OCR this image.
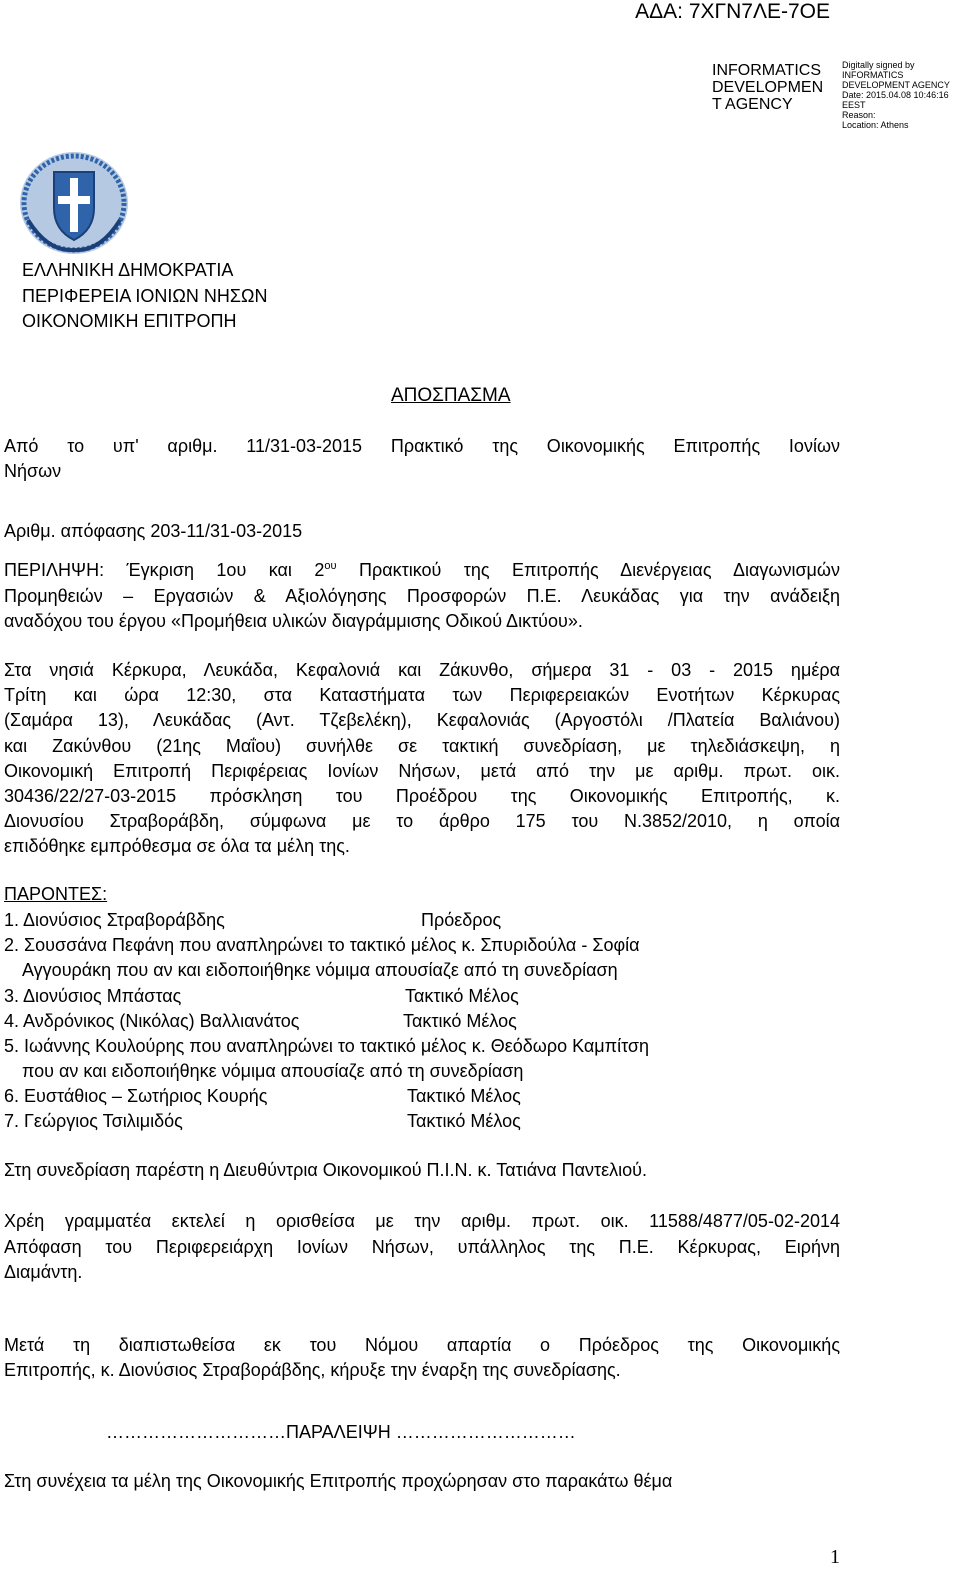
ΑΔΑ: 7ΧΓΝ7ΛΕ-7ΟΕ
INFORMATICS
DEVELOPMEN
T AGENCY
Digitally signed by
INFORMATICS
DEVELOPMENT AGENCY
Date: 2015.04.08 10:46:16
EEST
Reason:
Location: Athens
ΕΛΛΗΝΙΚΗ ΔΗΜΟΚΡΑΤΙΑ
ΠΕΡΙΦΕΡΕΙΑ ΙΟΝΙΩΝ ΝΗΣΩΝ
ΟΙΚΟΝΟΜΙΚΗ ΕΠΙΤΡΟΠΗ
ΑΠΟΣΠΑΣΜΑ
Από το υπ' αριθμ. 11/31-03-2015 Πρακτικό της Οικονομικής Επιτροπής Ιονίων
Νήσων
Αριθμ. απόφασης 203-11/31-03-2015
ΠΕΡΙΛΗΨΗ: Έγκριση 1ου και $2^{o\upsilon}$ Πρακτικού της Επιτροπής Διενέργειας Διαγωνισμών
Προμηθειών – Εργασιών & Αξιολόγησης Προσφορών Π.Ε. Λευκάδας για την ανάδειξη
αναδόχου του έργου «Προμήθεια υλικών διαγράμμισης Οδικού Δικτύου».
Στα νησιά Κέρκυρα, Λευκάδα, Κεφαλονιά και Ζάκυνθο, σήμερα 31 - 03 - 2015 ημέρα
Τρίτη και ώρα 12:30, στα Καταστήματα των Περιφερειακών Ενοτήτων Κέρκυρας
(Σαμάρα 13), Λευκάδας (Αντ. Τζεβελέκη), Κεφαλονιάς (Αργοστόλι /Πλατεία Βαλιάνου)
και Ζακύνθου (21ης Μαΐου) συνήλθε σε τακτική συνεδρίαση, με τηλεδιάσκεψη, η
Οικονομική Επιτροπή Περιφέρειας Ιονίων Νήσων, μετά από την με αριθμ. πρωτ. οικ.
30436/22/27-03-2015 πρόσκληση του Προέδρου της Οικονομικής Επιτροπής, κ.
Διονυσίου Στραβοράβδη, σύμφωνα με το άρθρο 175 του Ν.3852/2010, η οποία
επιδόθηκε εμπρόθεσμα σε όλα τα μέλη της.
ΠΑΡΟΝΤΕΣ:
1. Διονύσιος Στραβοράβδης	Πρόεδρος
2. Σουσσάνα Πεφάνη που αναπληρώνει το τακτικό μέλος κ. Σπυριδούλα - Σοφία
Αγγουράκη που αν και ειδοποιήθηκε νόμιμα απουσίαζε από τη συνεδρίαση
3. Διονύσιος Μπάστας	Τακτικό Μέλος
4. Ανδρόνικος (Νικόλας) Βαλλιανάτος	Τακτικό Μέλος
5. Ιωάννης Κουλούρης που αναπληρώνει το τακτικό μέλος κ. Θεόδωρο Καμπίτση
που αν και ειδοποιήθηκε νόμιμα απουσίαζε από τη συνεδρίαση
6. Ευστάθιος – Σωτήριος Κουρής	Τακτικό Μέλος
7. Γεώργιος Τσιλιμιδός	Τακτικό Μέλος
Στη συνεδρίαση παρέστη η Διευθύντρια Οικονομικού Π.Ι.Ν. κ. Τατιάνα Παντελιού.
Χρέη γραμματέα εκτελεί η ορισθείσα με την αριθμ. πρωτ. οικ. 11588/4877/05-02-2014
Απόφαση του Περιφερειάρχη Ιονίων Νήσων, υπάλληλος της Π.Ε. Κέρκυρας, Ειρήνη
Διαμάντη.
Μετά τη διαπιστωθείσα εκ του Νόμου απαρτία ο Πρόεδρος της Οικονομικής
Επιτροπής, κ. Διονύσιος Στραβοράβδης, κήρυξε την έναρξη της συνεδρίασης.
…………………………ΠΑΡΑΛΕΙΨΗ …………………………
Στη συνέχεια τα μέλη της Οικονομικής Επιτροπής προχώρησαν στο παρακάτω θέμα
1
